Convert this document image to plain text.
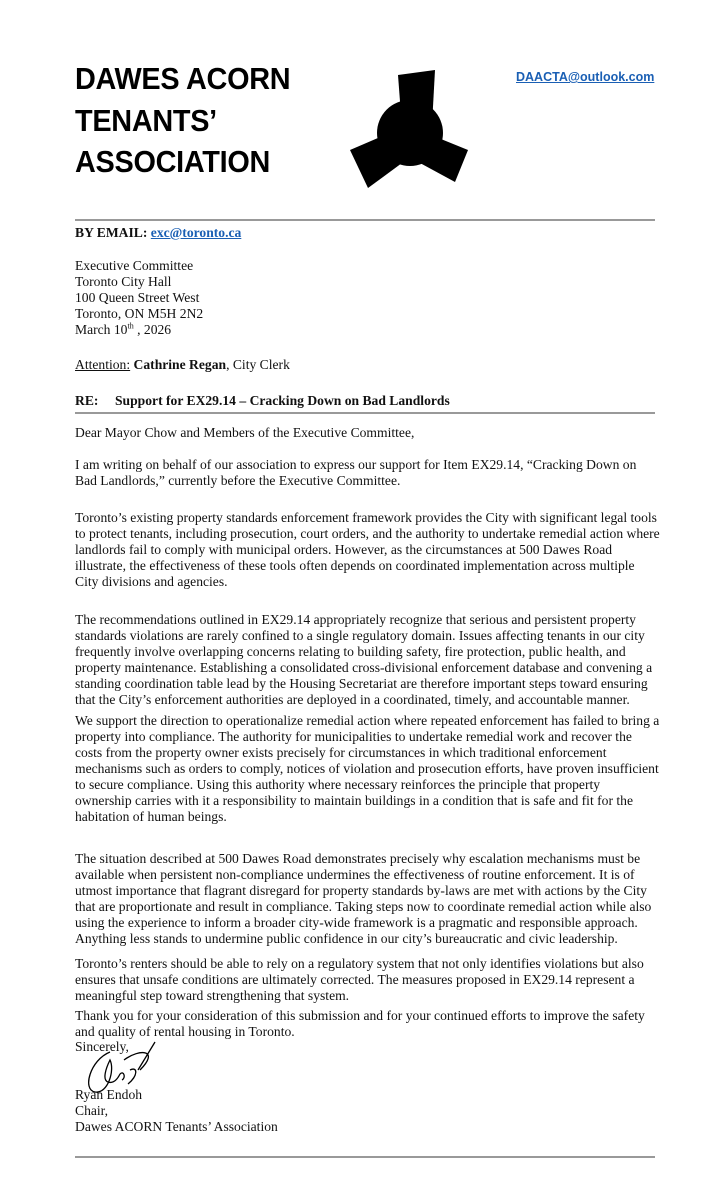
DAWES ACORN
TENANTS’
ASSOCIATION
DAACTA@outlook.com
BY EMAIL: exc@toronto.ca
Executive Committee
Toronto City Hall
100 Queen Street West
Toronto, ON M5H 2N2
March 10th , 2026
Attention: Cathrine Regan, City Clerk
RE: Support for EX29.14 – Cracking Down on Bad Landlords
Dear Mayor Chow and Members of the Executive Committee,

I am writing on behalf of our association to express our support for Item EX29.14, “Cracking Down on Bad Landlords,” currently before the Executive Committee.

Toronto’s existing property standards enforcement framework provides the City with significant legal tools to protect tenants, including prosecution, court orders, and the authority to undertake remedial action where landlords fail to comply with municipal orders. However, as the circumstances at 500 Dawes Road illustrate, the effectiveness of these tools often depends on coordinated implementation across multiple City divisions and agencies.

The recommendations outlined in EX29.14 appropriately recognize that serious and persistent property standards violations are rarely confined to a single regulatory domain. Issues affecting tenants in our city frequently involve overlapping concerns relating to building safety, fire protection, public health, and property maintenance. Establishing a consolidated cross-divisional enforcement database and convening a standing coordination table lead by the Housing Secretariat are therefore important steps toward ensuring that the City’s enforcement authorities are deployed in a coordinated, timely, and accountable manner.

We support the direction to operationalize remedial action where repeated enforcement has failed to bring a property into compliance. The authority for municipalities to undertake remedial work and recover the costs from the property owner exists precisely for circumstances in which traditional enforcement mechanisms such as orders to comply, notices of violation and prosecution efforts, have proven insufficient to secure compliance. Using this authority where necessary reinforces the principle that property ownership carries with it a responsibility to maintain buildings in a condition that is safe and fit for the habitation of human beings.

The situation described at 500 Dawes Road demonstrates precisely why escalation mechanisms must be available when persistent non-compliance undermines the effectiveness of routine enforcement. It is of utmost importance that flagrant disregard for property standards by-laws are met with actions by the City that are proportionate and result in compliance. Taking steps now to coordinate remedial action while also using the experience to inform a broader city-wide framework is a pragmatic and responsible approach. Anything less stands to undermine public confidence in our city’s bureaucratic and civic leadership.

Toronto’s renters should be able to rely on a regulatory system that not only identifies violations but also ensures that unsafe conditions are ultimately corrected. The measures proposed in EX29.14 represent a meaningful step toward strengthening that system.

Thank you for your consideration of this submission and for your continued efforts to improve the safety and quality of rental housing in Toronto.

Sincerely,
Ryan Endoh
Chair,
Dawes ACORN Tenants’ Association
